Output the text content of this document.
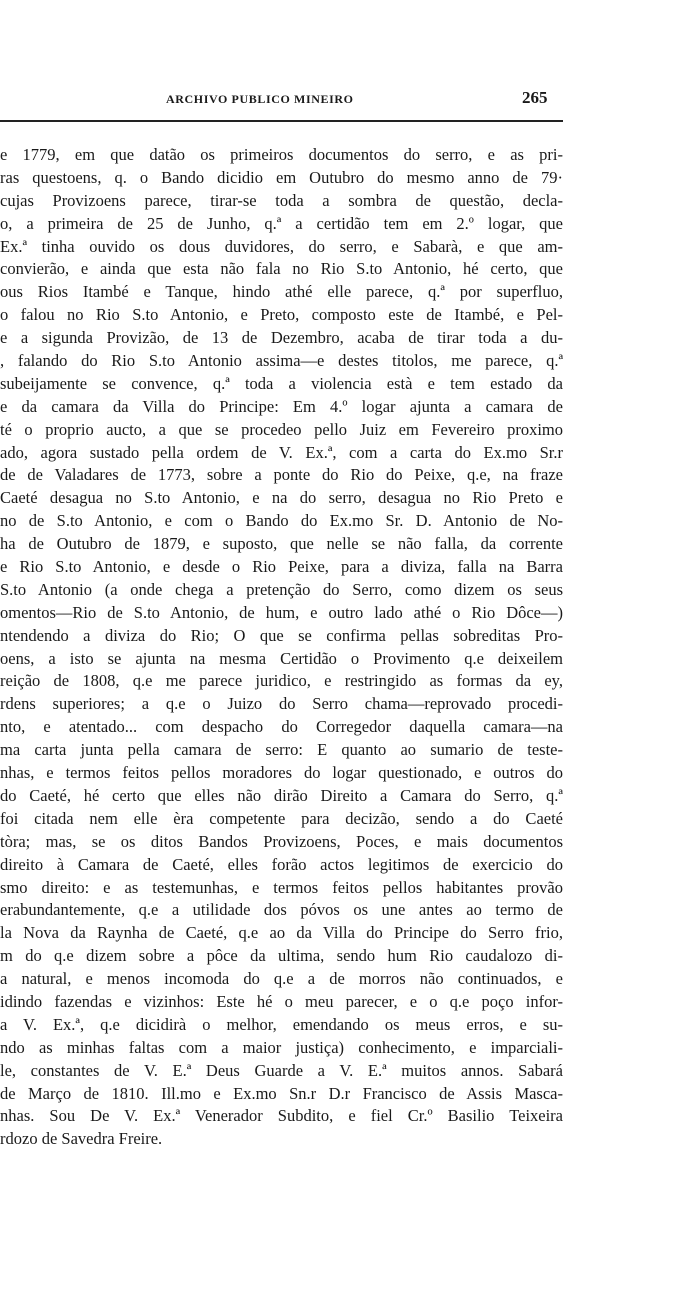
ARCHIVO PUBLICO MINEIRO	265
e 1779, em que datão os primeiros documentos do serro, e as pri-
ras questoens, q. o Bando dicidio em Outubro do mesmo anno de 79·
cujas Provizoens parece, tirar-se toda a sombra de questão, decla-
o, a primeira de 25 de Junho, q.ª a certidão tem em 2.º logar, que
Ex.ª tinha ouvido os dous duvidores, do serro, e Sabarà, e que am-
convierão, e ainda que esta não fala no Rio S.to Antonio, hé certo, que
ous Rios Itambé e Tanque, hindo athé elle parece, q.ª por superfluo,
o falou no Rio S.to Antonio, e Preto, composto este de Itambé, e Pel-
e a sigunda Provizão, de 13 de Dezembro, acaba de tirar toda a du-
, falando do Rio S.to Antonio assima—e destes titolos, me parece, q.ª
subeijamente se convence, q.ª toda a violencia està e tem estado da
e da camara da Villa do Principe: Em 4.º logar ajunta a camara de
té o proprio aucto, a que se procedeo pello Juiz em Fevereiro proximo
ado, agora sustado pella ordem de V. Ex.ª, com a carta do Ex.mo Sr.r
de de Valadares de 1773, sobre a ponte do Rio do Peixe, q.e, na fraze
Caeté desagua no S.to Antonio, e na do serro, desagua no Rio Preto e
no de S.to Antonio, e com o Bando do Ex.mo Sr. D. Antonio de No-
ha de Outubro de 1879, e suposto, que nelle se não falla, da corrente
e Rio S.to Antonio, e desde o Rio Peixe, para a diviza, falla na Barra
S.to Antonio (a onde chega a pretenção do Serro, como dizem os seus
omentos—Rio de S.to Antonio, de hum, e outro lado athé o Rio Dôce—)
ntendendo a diviza do Rio; O que se confirma pellas sobreditas Pro-
oens, a isto se ajunta na mesma Certidão o Provimento q.e deixeilem
reição de 1808, q.e me parece juridico, e restringido as formas da ey,
rdens superiores; a q.e o Juizo do Serro chama—reprovado procedi-
nto, e atentado... com despacho do Corregedor daquella camara—na
ma carta junta pella camara de serro: E quanto ao sumario de teste-
nhas, e termos feitos pellos moradores do logar questionado, e outros do
do Caeté, hé certo que elles não dirão Direito a Camara do Serro, q.ª
foi citada nem elle èra competente para decizão, sendo a do Caeté
tòra; mas, se os ditos Bandos Provizoens, Poces, e mais documentos
direito à Camara de Caeté, elles forão actos legitimos de exercicio do
smo direito: e as testemunhas, e termos feitos pellos habitantes provão
erabundantemente, q.e a utilidade dos póvos os une antes ao termo de
la Nova da Raynha de Caeté, q.e ao da Villa do Principe do Serro frio,
m do q.e dizem sobre a pôce da ultima, sendo hum Rio caudalozo di-
a natural, e menos incomoda do q.e a de morros não continuados, e
idindo fazendas e vizinhos: Este hé o meu parecer, e o q.e poço infor-
a V. Ex.ª, q.e dicidirà o melhor, emendando os meus erros, e su-
ndo as minhas faltas com a maior justiça) conhecimento, e imparciali-
le, constantes de V. E.ª Deus Guarde a V. E.ª muitos annos. Sabará
de Março de 1810. Ill.mo e Ex.mo Sn.r D.r Francisco de Assis Masca-
nhas. Sou De V. Ex.ª Venerador Subdito, e fiel Cr.º Basilio Teixeira
rdozo de Savedra Freire.
